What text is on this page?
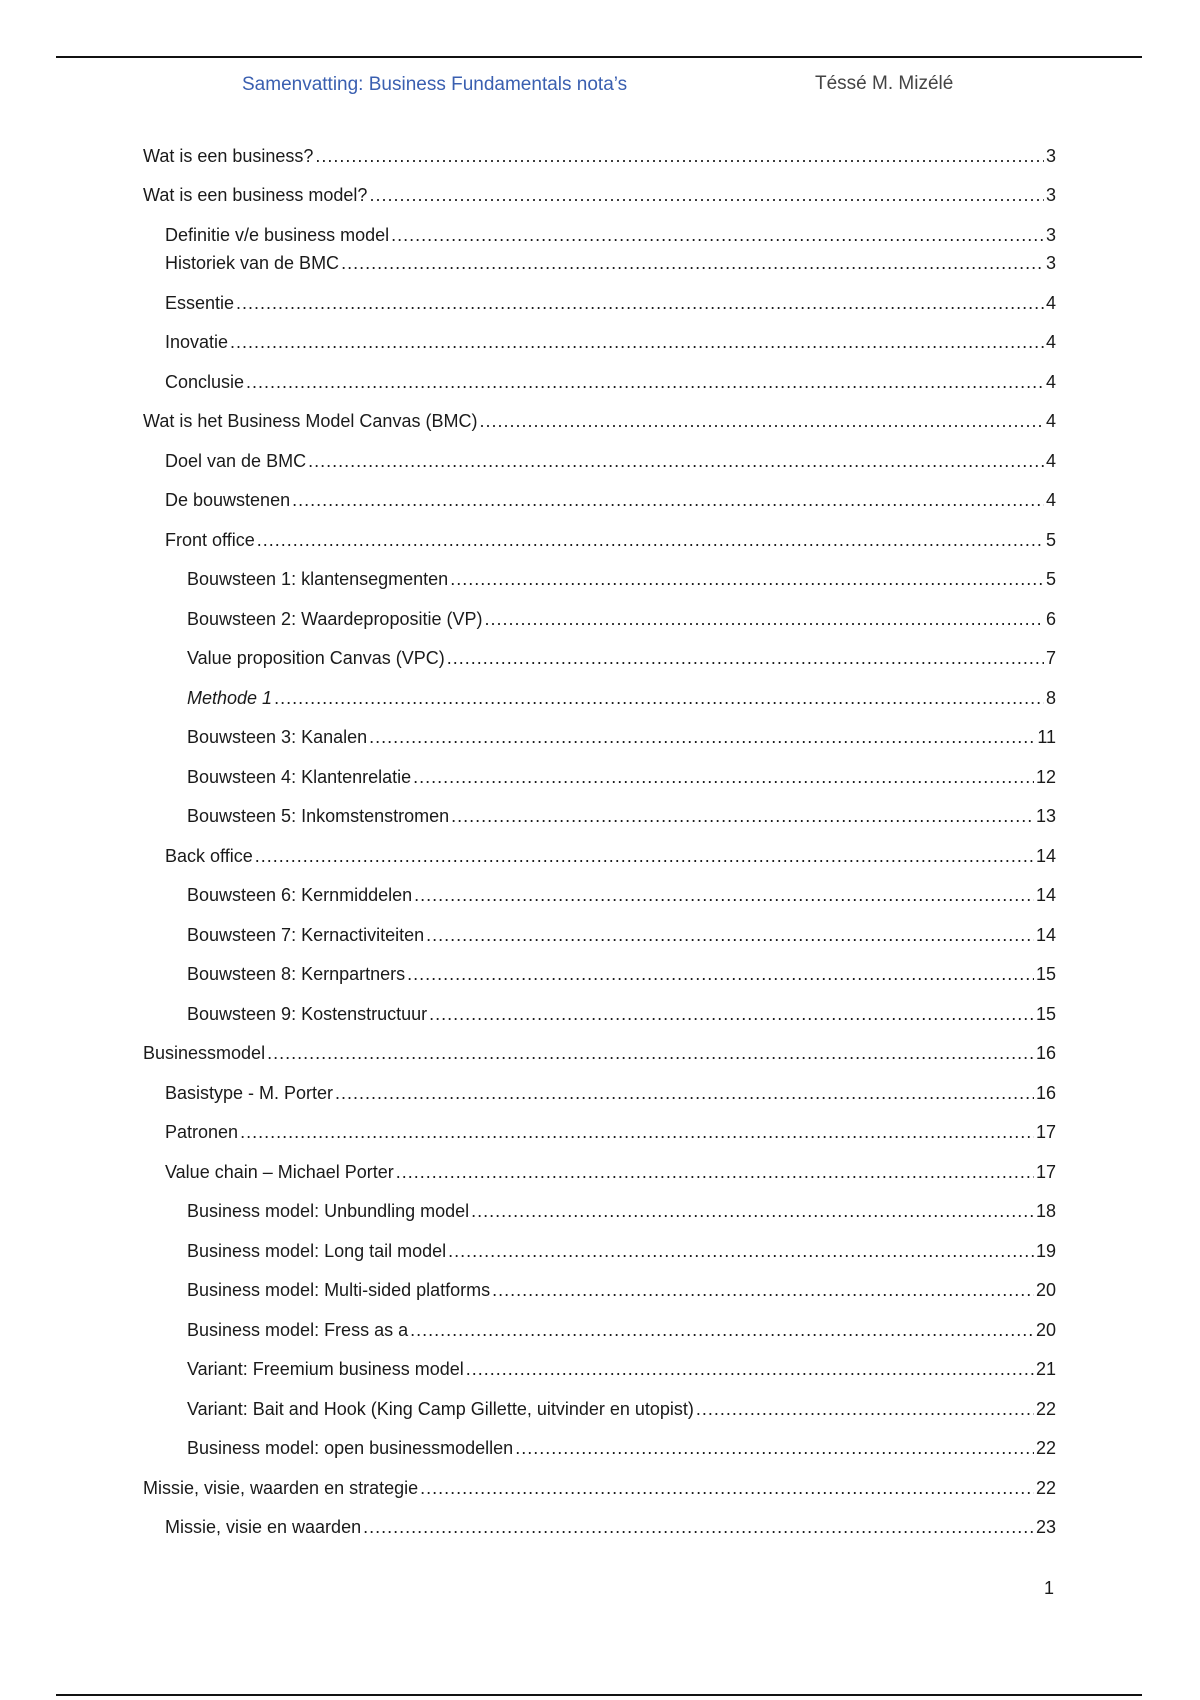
Samenvatting: Business Fundamentals nota’s	Téssé M. Mizélé
Wat is een business? .....	3
Wat is een business model? .....	3
Definitie v/e business model .....	3
Historiek van de BMC .....	3
Essentie .....	4
Inovatie .....	4
Conclusie .....	4
Wat is het Business Model Canvas (BMC) .....	4
Doel van de BMC .....	4
De bouwstenen .....	4
Front office .....	5
Bouwsteen 1: klantensegmenten .....	5
Bouwsteen 2: Waardepropositie (VP) .....	6
Value proposition Canvas (VPC) .....	7
Methode 1 .....	8
Bouwsteen 3: Kanalen .....	11
Bouwsteen 4: Klantenrelatie .....	12
Bouwsteen 5: Inkomstenstromen .....	13
Back office .....	14
Bouwsteen 6: Kernmiddelen .....	14
Bouwsteen 7: Kernactiviteiten .....	14
Bouwsteen 8: Kernpartners .....	15
Bouwsteen 9: Kostenstructuur .....	15
Businessmodel .....	16
Basistype - M. Porter .....	16
Patronen .....	17
Value chain – Michael Porter .....	17
Business model: Unbundling model .....	18
Business model: Long tail model .....	19
Business model: Multi-sided platforms .....	20
Business model: Fress as a .....	20
Variant: Freemium business model .....	21
Variant: Bait and Hook (King Camp Gillette, uitvinder en utopist) .....	22
Business model: open businessmodellen .....	22
Missie, visie, waarden en strategie .....	22
Missie, visie en waarden .....	23
1
